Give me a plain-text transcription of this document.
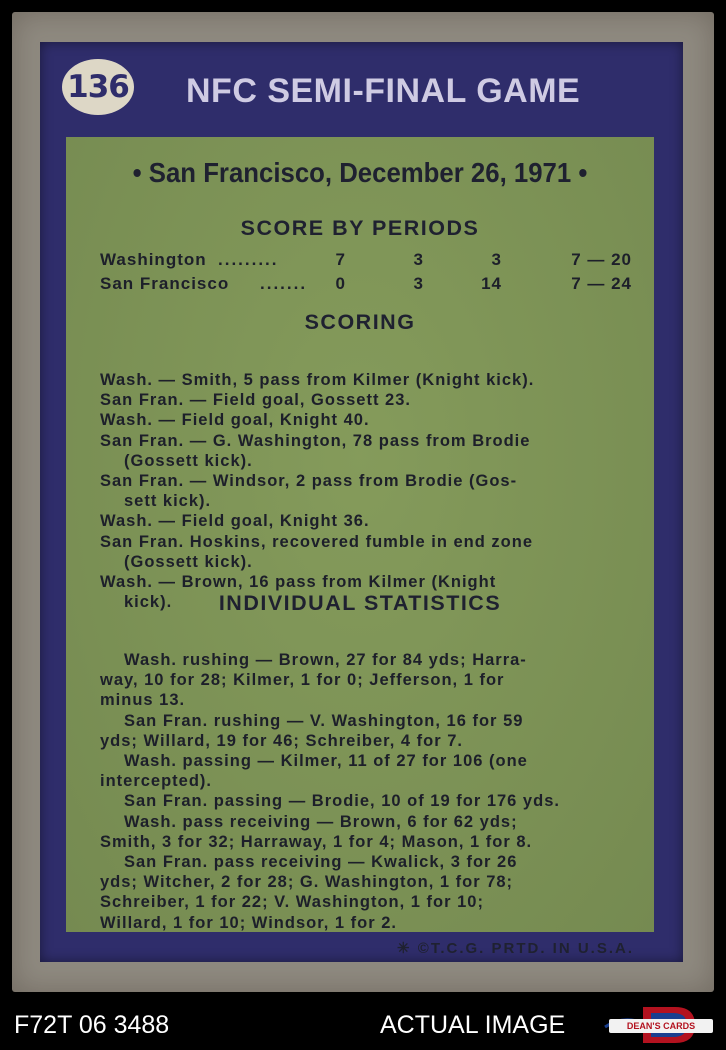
136 NFC SEMI-FINAL GAME
• San Francisco, December 26, 1971 •
SCORE BY PERIODS
Washington .........	7	3	3	7 — 20
San Francisco .......	0	3	14	7 — 24
SCORING
Wash. — Smith, 5 pass from Kilmer (Knight kick).
San Fran. — Field goal, Gossett 23.
Wash. — Field goal, Knight 40.
San Fran. — G. Washington, 78 pass from Brodie
(Gossett kick).
San Fran. — Windsor, 2 pass from Brodie (Gos-
sett kick).
Wash. — Field goal, Knight 36.
San Fran. Hoskins, recovered fumble in end zone
(Gossett kick).
Wash. — Brown, 16 pass from Kilmer (Knight
kick).	INDIVIDUAL STATISTICS
Wash. rushing — Brown, 27 for 84 yds; Harra-
way, 10 for 28; Kilmer, 1 for 0; Jefferson, 1 for
minus 13.
San Fran. rushing — V. Washington, 16 for 59
yds; Willard, 19 for 46; Schreiber, 4 for 7.
Wash. passing — Kilmer, 11 of 27 for 106 (one
intercepted).
San Fran. passing — Brodie, 10 of 19 for 176 yds.
Wash. pass receiving — Brown, 6 for 62 yds;
Smith, 3 for 32; Harraway, 1 for 4; Mason, 1 for 8.
San Fran. pass receiving — Kwalick, 3 for 26
yds; Witcher, 2 for 28; G. Washington, 1 for 78;
Schreiber, 1 for 22; V. Washington, 1 for 10;
Willard, 1 for 10; Windsor, 1 for 2.
✳ ©T.C.G. PRTD. IN U.S.A.
F72T 06 3488	ACTUAL IMAGE	DEAN'S CARDS
